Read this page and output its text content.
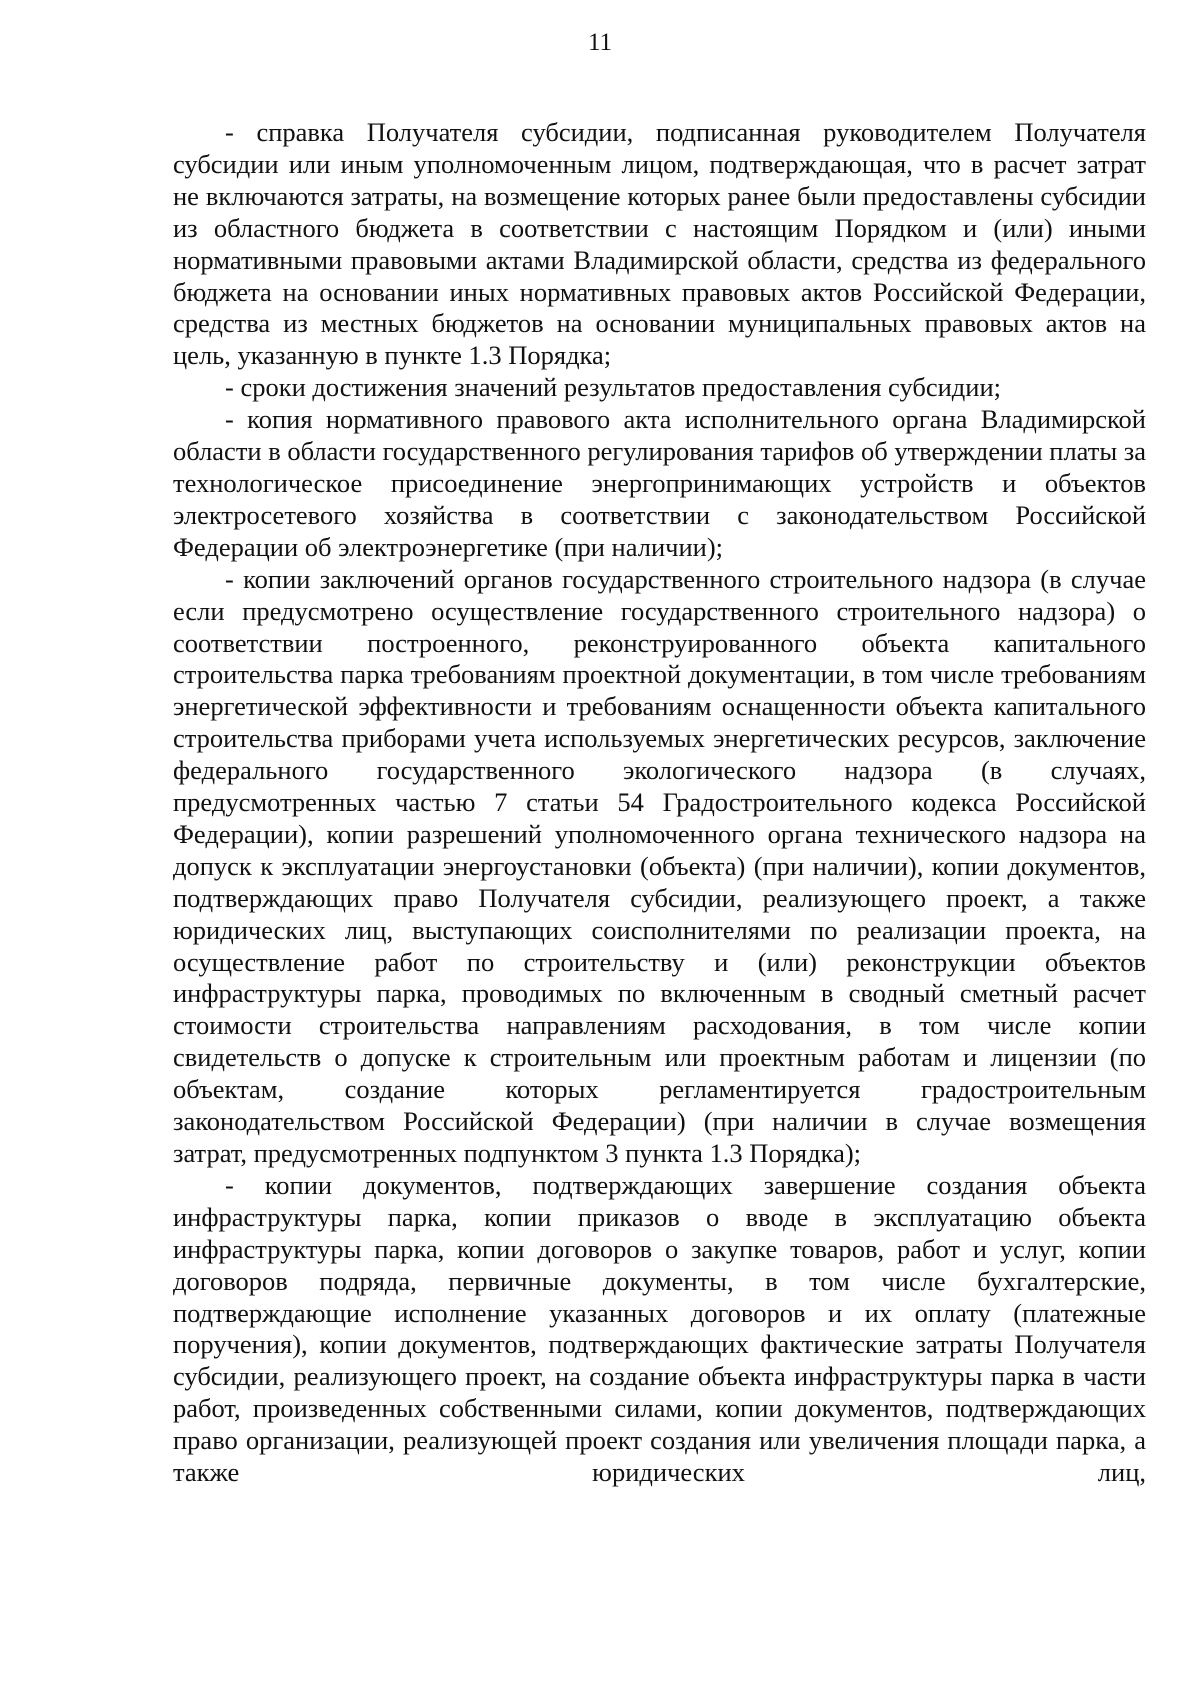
11

- справка Получателя субсидии, подписанная руководителем Получателя субсидии или иным уполномоченным лицом, подтверждающая, что в расчет затрат не включаются затраты, на возмещение которых ранее были предоставлены субсидии из областного бюджета в соответствии с настоящим Порядком и (или) иными нормативными правовыми актами Владимирской области, средства из федерального бюджета на основании иных нормативных правовых актов Российской Федерации, средства из местных бюджетов на основании муниципальных правовых актов на цель, указанную в пункте 1.3 Порядка;

- сроки достижения значений результатов предоставления субсидии;

- копия нормативного правового акта исполнительного органа Владимирской области в области государственного регулирования тарифов об утверждении платы за технологическое присоединение энергопринимающих устройств и объектов электросетевого хозяйства в соответствии с законодательством Российской Федерации об электроэнергетике (при наличии);

- копии заключений органов государственного строительного надзора (в случае если предусмотрено осуществление государственного строительного надзора) о соответствии построенного, реконструированного объекта капитального строительства парка требованиям проектной документации, в том числе требованиям энергетической эффективности и требованиям оснащенности объекта капитального строительства приборами учета используемых энергетических ресурсов, заключение федерального государственного экологического надзора (в случаях, предусмотренных частью 7 статьи 54 Градостроительного кодекса Российской Федерации), копии разрешений уполномоченного органа технического надзора на допуск к эксплуатации энергоустановки (объекта) (при наличии), копии документов, подтверждающих право Получателя субсидии, реализующего проект, а также юридических лиц, выступающих соисполнителями по реализации проекта, на осуществление работ по строительству и (или) реконструкции объектов инфраструктуры парка, проводимых по включенным в сводный сметный расчет стоимости строительства направлениям расходования, в том числе копии свидетельств о допуске к строительным или проектным работам и лицензии (по объектам, создание которых регламентируется градостроительным законодательством Российской Федерации) (при наличии в случае возмещения затрат, предусмотренных подпунктом 3 пункта 1.3 Порядка);

- копии документов, подтверждающих завершение создания объекта инфраструктуры парка, копии приказов о вводе в эксплуатацию объекта инфраструктуры парка, копии договоров о закупке товаров, работ и услуг, копии договоров подряда, первичные документы, в том числе бухгалтерские, подтверждающие исполнение указанных договоров и их оплату (платежные поручения), копии документов, подтверждающих фактические затраты Получателя субсидии, реализующего проект, на создание объекта инфраструктуры парка в части работ, произведенных собственными силами, копии документов, подтверждающих право организации, реализующей проект создания или увеличения площади парка, а также юридических лиц,
